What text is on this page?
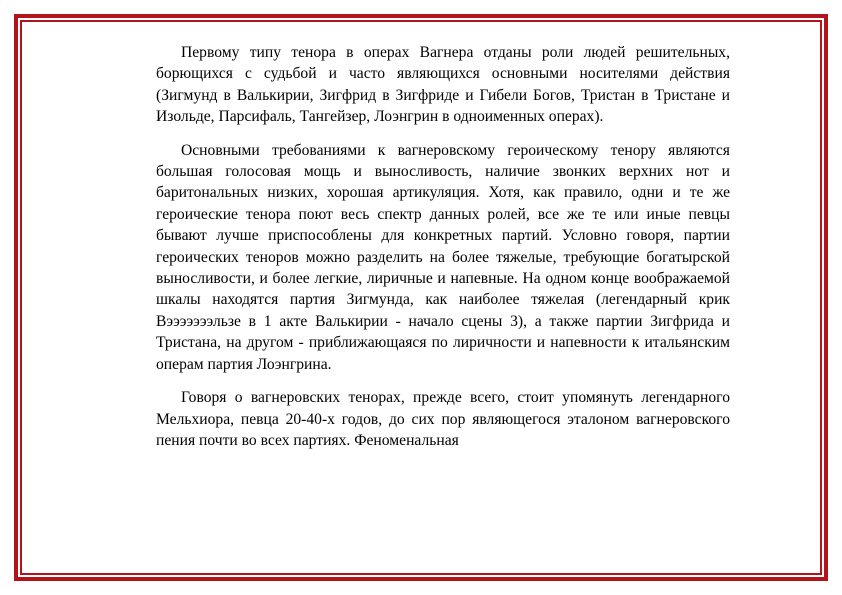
Первому типу тенора в операх Вагнера отданы роли людей решительных, борющихся с судьбой и часто являющихся основными носителями действия (Зигмунд в Валькирии, Зигфрид в Зигфриде и Гибели Богов, Тристан в Тристане и Изольде, Парсифаль, Тангейзер, Лоэнгрин в одноименных операх).

Основными требованиями к вагнеровскому героическому тенору являются большая голосовая мощь и выносливость, наличие звонких верхних нот и баритональных низких, хорошая артикуляция. Хотя, как правило, одни и те же героические тенора поют весь спектр данных ролей, все же те или иные певцы бывают лучше приспособлены для конкретных партий. Условно говоря, партии героических теноров можно разделить на более тяжелые, требующие богатырской выносливости, и более легкие, лиричные и напевные. На одном конце воображаемой шкалы находятся партия Зигмунда, как наиболее тяжелая (легендарный крик Вэээээээльзе в 1 акте Валькирии - начало сцены 3), а также партии Зигфрида и Тристана, на другом - приближающаяся по лиричности и напевности к итальянским операм партия Лоэнгрина.

Говоря о вагнеровских тенорах, прежде всего, стоит упомянуть легендарного Мельхиора, певца 20-40-х годов, до сих пор являющегося эталоном вагнеровского пения почти во всех партиях. Феноменальная
